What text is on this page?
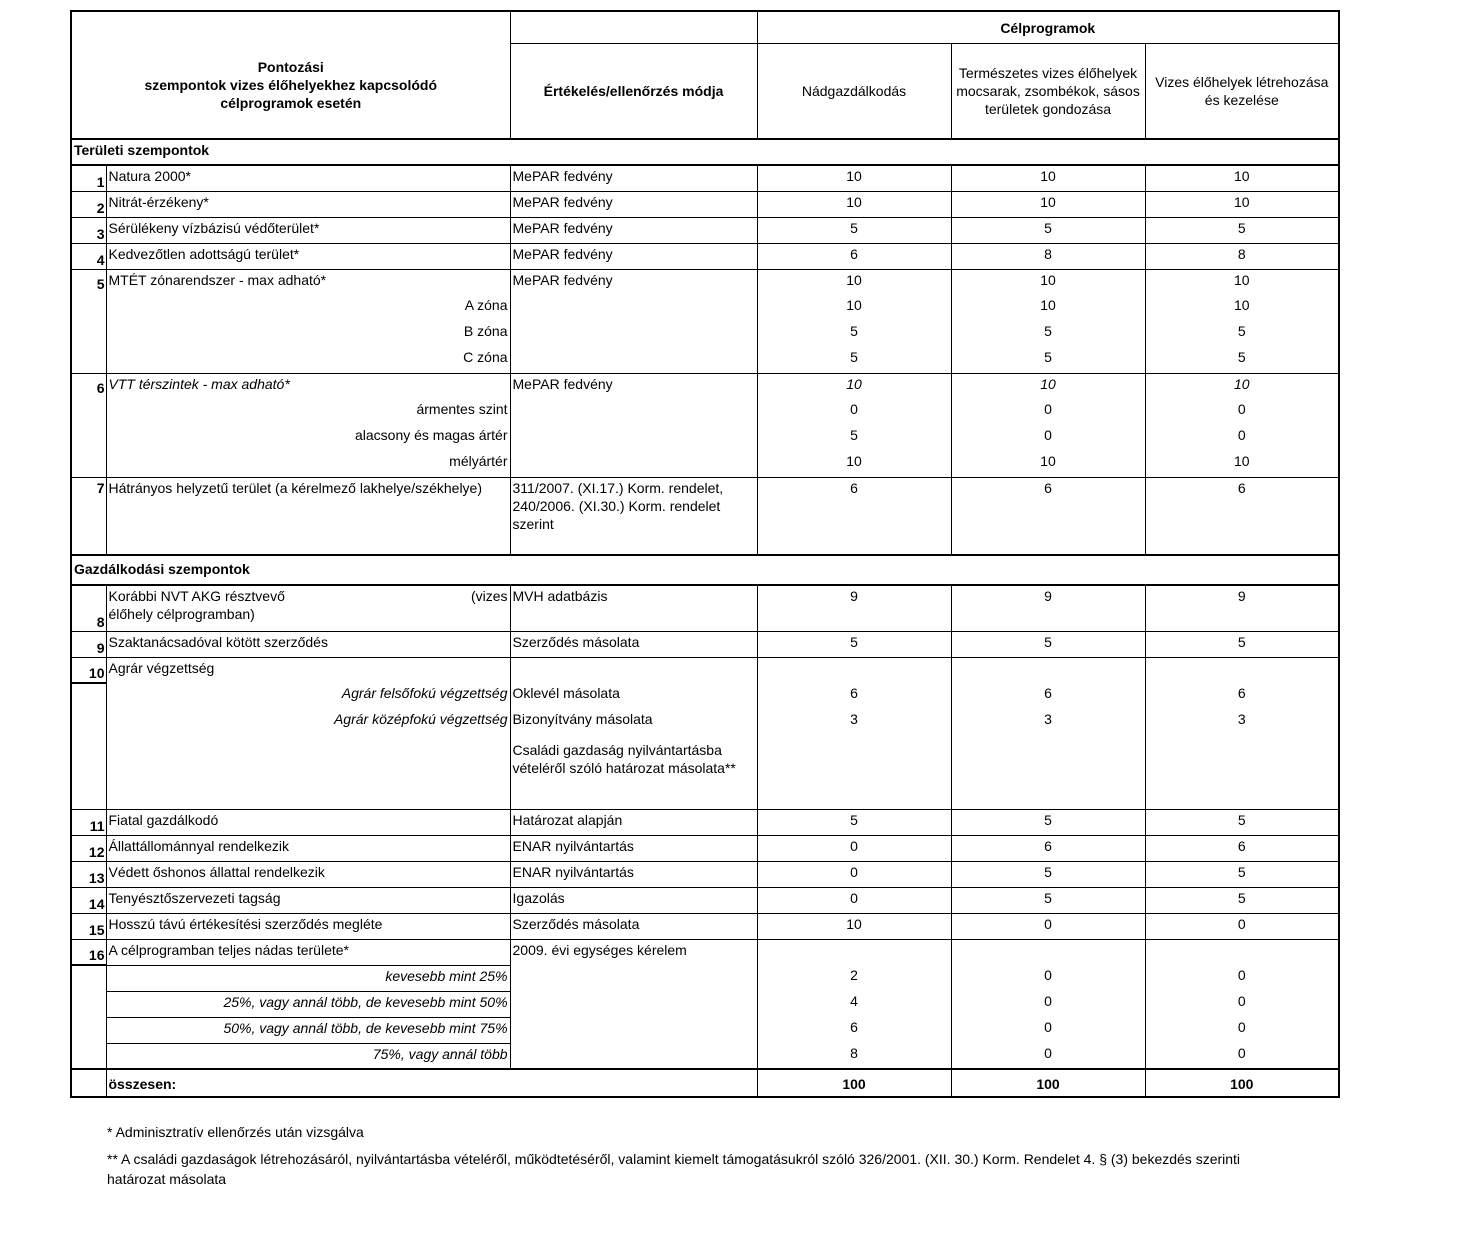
Pontozási
szempontok vizes élőhelyekhez kapcsolódó
célprogramok esetén			Célprogramok		
		Értékelés/ellenőrzés módja	Nádgazdálkodás	Természetes vizes élőhelyek mocsarak, zsombékok, sásos területek gondozása	Vizes élőhelyek létrehozása és kezelése
Területi szempontok					
1	Natura 2000*	MePAR fedvény	10	10	10
2	Nitrát-érzékeny*	MePAR fedvény	10	10	10
3	Sérülékeny vízbázisú védőterület*	MePAR fedvény	5	5	5
4	Kedvezőtlen adottságú terület*	MePAR fedvény	6	8	8
5	MTÉT zónarendszer - max adható*	MePAR fedvény	10	10	10
	A zóna		10	10	10
	B zóna		5	5	5
	C zóna		5	5	5
6	VTT térszintek - max adható*	MePAR fedvény	10	10	10
	ármentes szint		0	0	0
	alacsony és magas ártér		5	0	0
	mélyártér		10	10	10
7	Hátrányos helyzetű terület (a kérelmező lakhelye/székhelye)	311/2007. (XI.17.) Korm. rendelet, 240/2006. (XI.30.) Korm. rendelet szerint	6	6	6
Gazdálkodási szempontok					
8	Korábbi NVT AKG résztvevő (vizes
élőhely célprogramban)	MVH adatbázis	9	9	9
9	Szaktanácsadóval kötött szerződés	Szerződés másolata	5	5	5
10	Agrár végzettség				
	Agrár felsőfokú végzettség	Oklevél másolata	6	6	6
	Agrár középfokú végzettség	Bizonyítvány másolata	3	3	3
		Családi gazdaság nyilvántartásba vételéről szóló határozat másolata**			
11	Fiatal gazdálkodó	Határozat alapján	5	5	5
12	Állattállománnyal rendelkezik	ENAR nyilvántartás	0	6	6
13	Védett őshonos állattal rendelkezik	ENAR nyilvántartás	0	5	5
14	Tenyésztőszervezeti tagság	Igazolás	0	5	5
15	Hosszú távú értékesítési szerződés megléte	Szerződés másolata	10	0	0
16	A célprogramban teljes nádas területe*	2009. évi egységes kérelem			
	kevesebb mint 25%		2	0	0
	25%, vagy annál több, de kevesebb mint 50%		4	0	0
	50%, vagy annál több, de kevesebb mint 75%		6	0	0
	75%, vagy annál több		8	0	0
	összesen:		100	100	100
* Adminisztratív ellenőrzés után vizsgálva
** A családi gazdaságok létrehozásáról, nyilvántartásba vételéről, működtetéséről, valamint kiemelt támogatásukról szóló 326/2001. (XII. 30.) Korm. Rendelet 4. § (3) bekezdés szerinti határozat másolata
